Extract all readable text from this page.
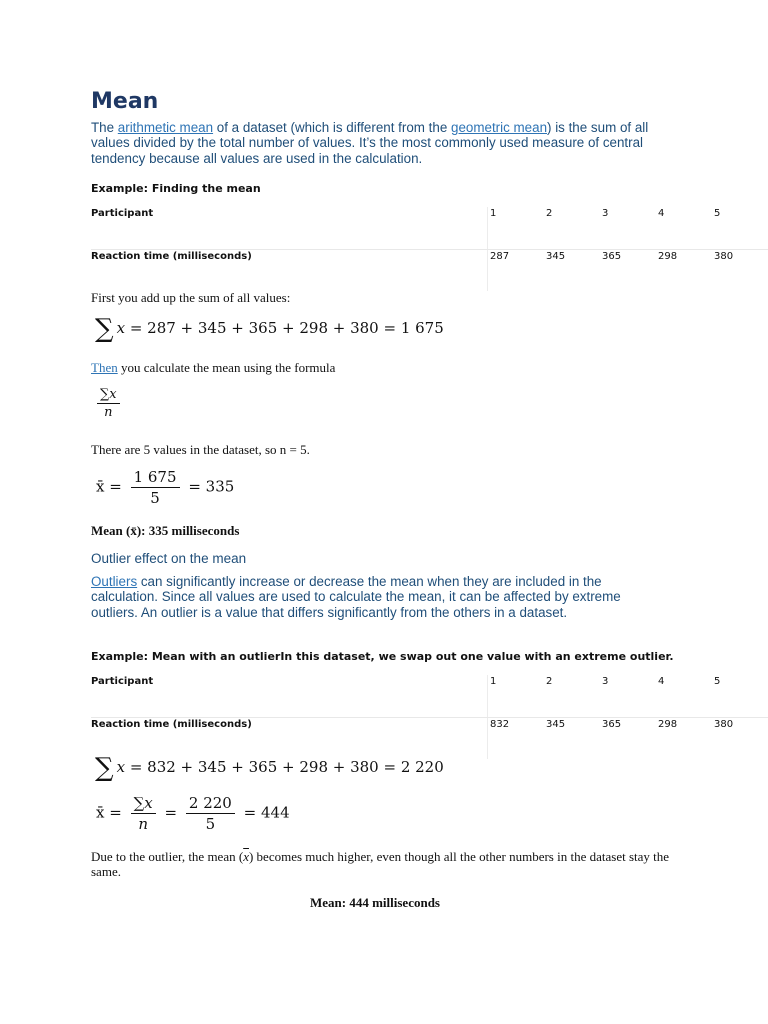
Mean
The arithmetic mean of a dataset (which is different from the geometric mean) is the sum of all values divided by the total number of values. It’s the most commonly used measure of central tendency because all values are used in the calculation.
Example: Finding the mean
Participant	1	2	3	4	5
Reaction time (milliseconds)	287	345	365	298	380
First you add up the sum of all values:
∑ x = 287 + 345 + 365 + 298 + 380 = 1 675
Then you calculate the mean using the formula
$\frac{\sum x}{n}$
There are 5 values in the dataset, so n = 5.
x̄ = $\frac{1 675}{5} = 335$
Mean (x̄): 335 milliseconds
Outlier effect on the mean
Outliers can significantly increase or decrease the mean when they are included in the calculation. Since all values are used to calculate the mean, it can be affected by extreme outliers. An outlier is a value that differs significantly from the others in a dataset.
Example: Mean with an outlierIn this dataset, we swap out one value with an extreme outlier.
Participant	1	2	3	4	5
Reaction time (milliseconds)	832	345	365	298	380
∑ x = 832 + 345 + 365 + 298 + 380 = 2 220
x̄ = $\frac{\sum x}{n} = \frac{2 220}{5} = 444$
Due to the outlier, the mean $(\overline{x})$ becomes much higher, even though all the other numbers in the dataset stay the same.
Mean: 444 milliseconds
